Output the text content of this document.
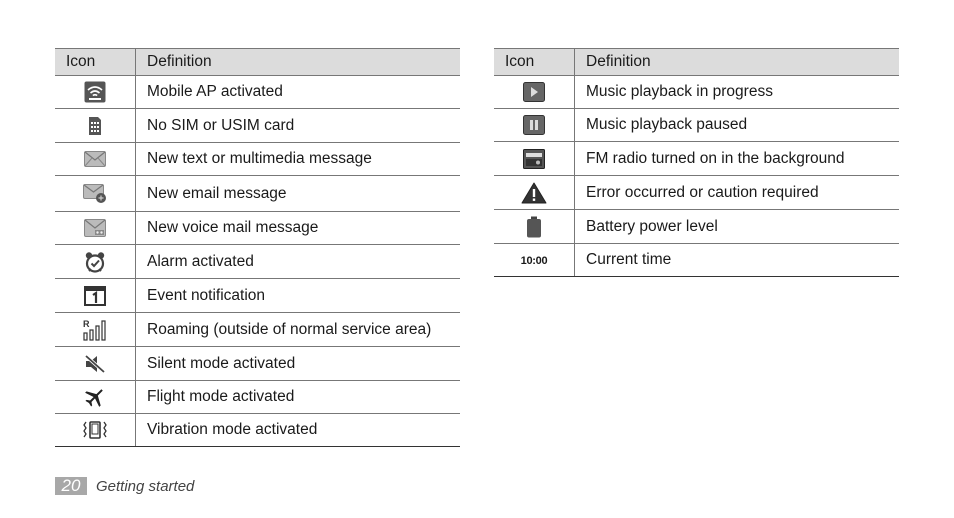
Icon	Definition

	Mobile AP activated

	No SIM or USIM card

	New text or multimedia message

	New email message

	New voice mail message

	Alarm activated

	Event notification

R	Roaming (outside of normal service area)

	Silent mode activated

	Flight mode activated

	Vibration mode activated
Icon	Definition

	Music playback in progress

	Music playback paused

	FM radio turned on in the background

	Error occurred or caution required

	Battery power level
10:00	Current time
20	Getting started
